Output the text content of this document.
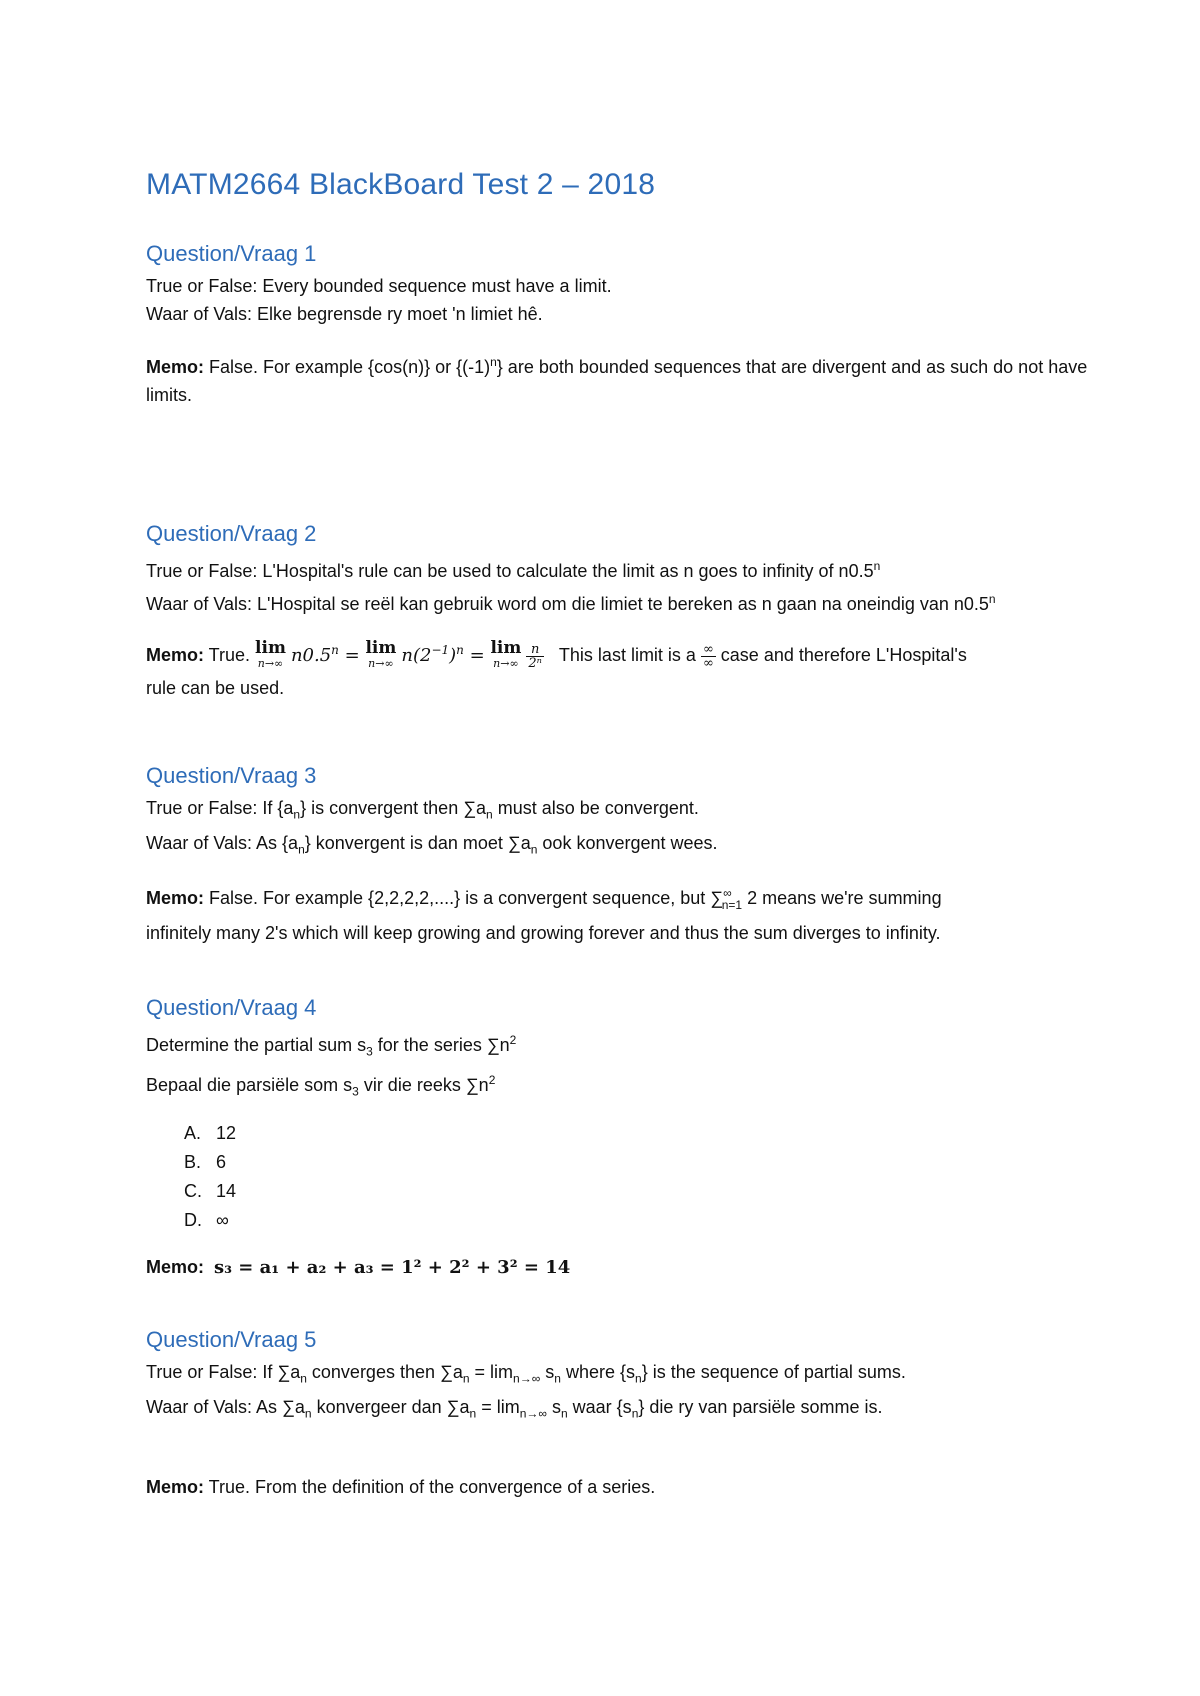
MATM2664 BlackBoard Test 2 – 2018
Question/Vraag 1
True or False: Every bounded sequence must have a limit.
Waar of Vals: Elke begrensde ry moet 'n limiet hê.
Memo: False. For example {cos(n)} or $\{(-1)^n\}$ are both bounded sequences that are divergent and as such do not have limits.
Question/Vraag 2
True or False: L'Hospital's rule can be used to calculate the limit as n goes to infinity of n0.5$^n$
Waar of Vals: L'Hospital se reël kan gebruik word om die limiet te bereken as n gaan na oneindig van n0.5$^n$
Memo: True. lim
n→∞ $n0.5^n = \lim$
n→∞ $n(2^{-1})^n = \lim$
n→∞
$\frac{n}{\text{2ⁿ}}$ This last limit is a $\frac{\infty}{\infty}$ case and therefore L'Hospital's
rule can be used.
Question/Vraag 3
True or False: If $\{a_n\}$ is convergent then $\sum a_n$ must also be convergent.
Waar of Vals: As $\{a_n\}$ konvergent is dan moet $\sum a_n$ ook konvergent wees.
Memo: False. For example {2,2,2,2,....} is a convergent sequence, but $\sum^\infty_{n=1}$ 2 means we're summing
infinitely many 2's which will keep growing and growing forever and thus the sum diverges to infinity.
Question/Vraag 4
Determine the partial sum $s_3$ for the series $\sum n^2$
Bepaal die parsiële som $s_3$ vir die reeks $\sum n^2$
A. 12
B. 6
C. 14
D. ∞
Memo: s₃ = a₁ + a₂ + a₃ = 1² + 2² + 3² = 14
Question/Vraag 5
True or False: If $\sum a_n$ converges then $\sum a_n = \lim_{n\to\infty} s_n$ where $\{s_n\}$ is the sequence of partial sums.
Waar of Vals: As $\sum a_n$ konvergeer dan $\sum a_n = \lim_{n\to\infty} s_n$ waar $\{s_n\}$ die ry van parsiële somme is.
Memo: True. From the definition of the convergence of a series.
